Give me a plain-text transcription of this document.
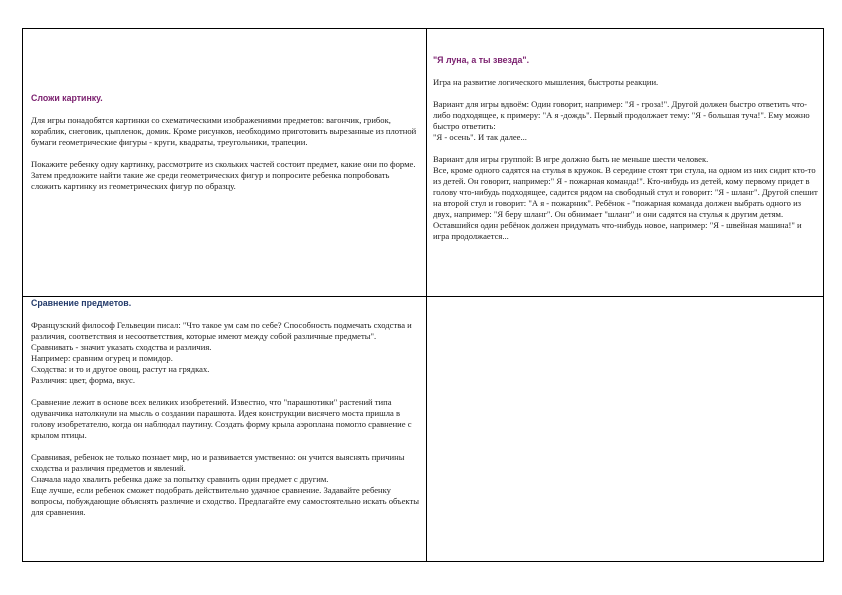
Сложи картинку.

Для игры понадобятся картинки со схематическими изображениями предметов: вагончик, грибок, кораблик, снеговик, цыпленок, домик. Кроме рисунков, необходимо приготовить вырезанные из плотной бумаги геометрические фигуры - круги, квадраты, треугольники, трапеции.

Покажите ребенку одну картинку, рассмотрите из скольких частей состоит предмет, какие они по форме. Затем предложите найти такие же среди геометрических фигур и попросите ребенка попробовать сложить картинку из геометрических фигур по образцу.

"Я луна, а ты звезда".

Игра на развитие логического мышления, быстроты реакции.

Вариант для игры вдвоём: Один говорит, например: "Я - гроза!". Другой должен быстро ответить что-либо подходящее, к примеру: "А я -дождь". Первый продолжает тему: "Я - большая туча!". Ему можно быстро ответить:

"Я - осень". И так далее...

Вариант для игры группой: В игре должно быть не меньше шести человек.

Все, кроме одного садятся на стулья в кружок. В середине стоят три стула, на одном из них сидит кто-то из детей. Он говорит, например:" Я - пожарная команда!". Кто-нибудь из детей, кому первому придет в голову что-нибудь подходящее, садится рядом на свободный стул и говорит: "Я - шланг". Другой спешит на второй стул и говорит: "А я - пожарник". Ребёнок - "пожарная команда должен выбрать одного из двух, например: "Я беру шланг". Он обнимает "шланг" и они садятся на стулья к другим детям. Оставшийся один ребёнок должен придумать что-нибудь новое, например: "Я - швейная машина!" и игра продолжается...

Сравнение предметов.

Французский философ Гельвеции писал: "Что такое ум сам по себе? Способность подмечать сходства и различия, соответствия и несоответствия, которые имеют между собой различные предметы".

Сравнивать - значит указать сходства и различия.

Например: сравним огурец и помидор.

Сходства: и то и другое овощ, растут на грядках.

Различия: цвет, форма, вкус.

Сравнение лежит в основе всех великих изобретений. Известно, что "парашютики" растений типа одуванчика натолкнули на мысль о создании парашюта. Идея конструкции висячего моста пришла в голову изобретателю, когда он наблюдал паутину. Создать форму крыла аэроплана помогло сравнение с крылом птицы.

Сравнивая, ребенок не только познает мир, но и развивается умственно: он учится выяснять причины сходства и различия предметов и явлений.

Сначала надо хвалить ребенка даже за попытку сравнить один предмет с другим.

Еще лучше, если ребенок сможет подобрать действительно удачное сравнение. Задавайте ребенку вопросы, побуждающие объяснять различие и сходство. Предлагайте ему самостоятельно искать объекты для сравнения.
